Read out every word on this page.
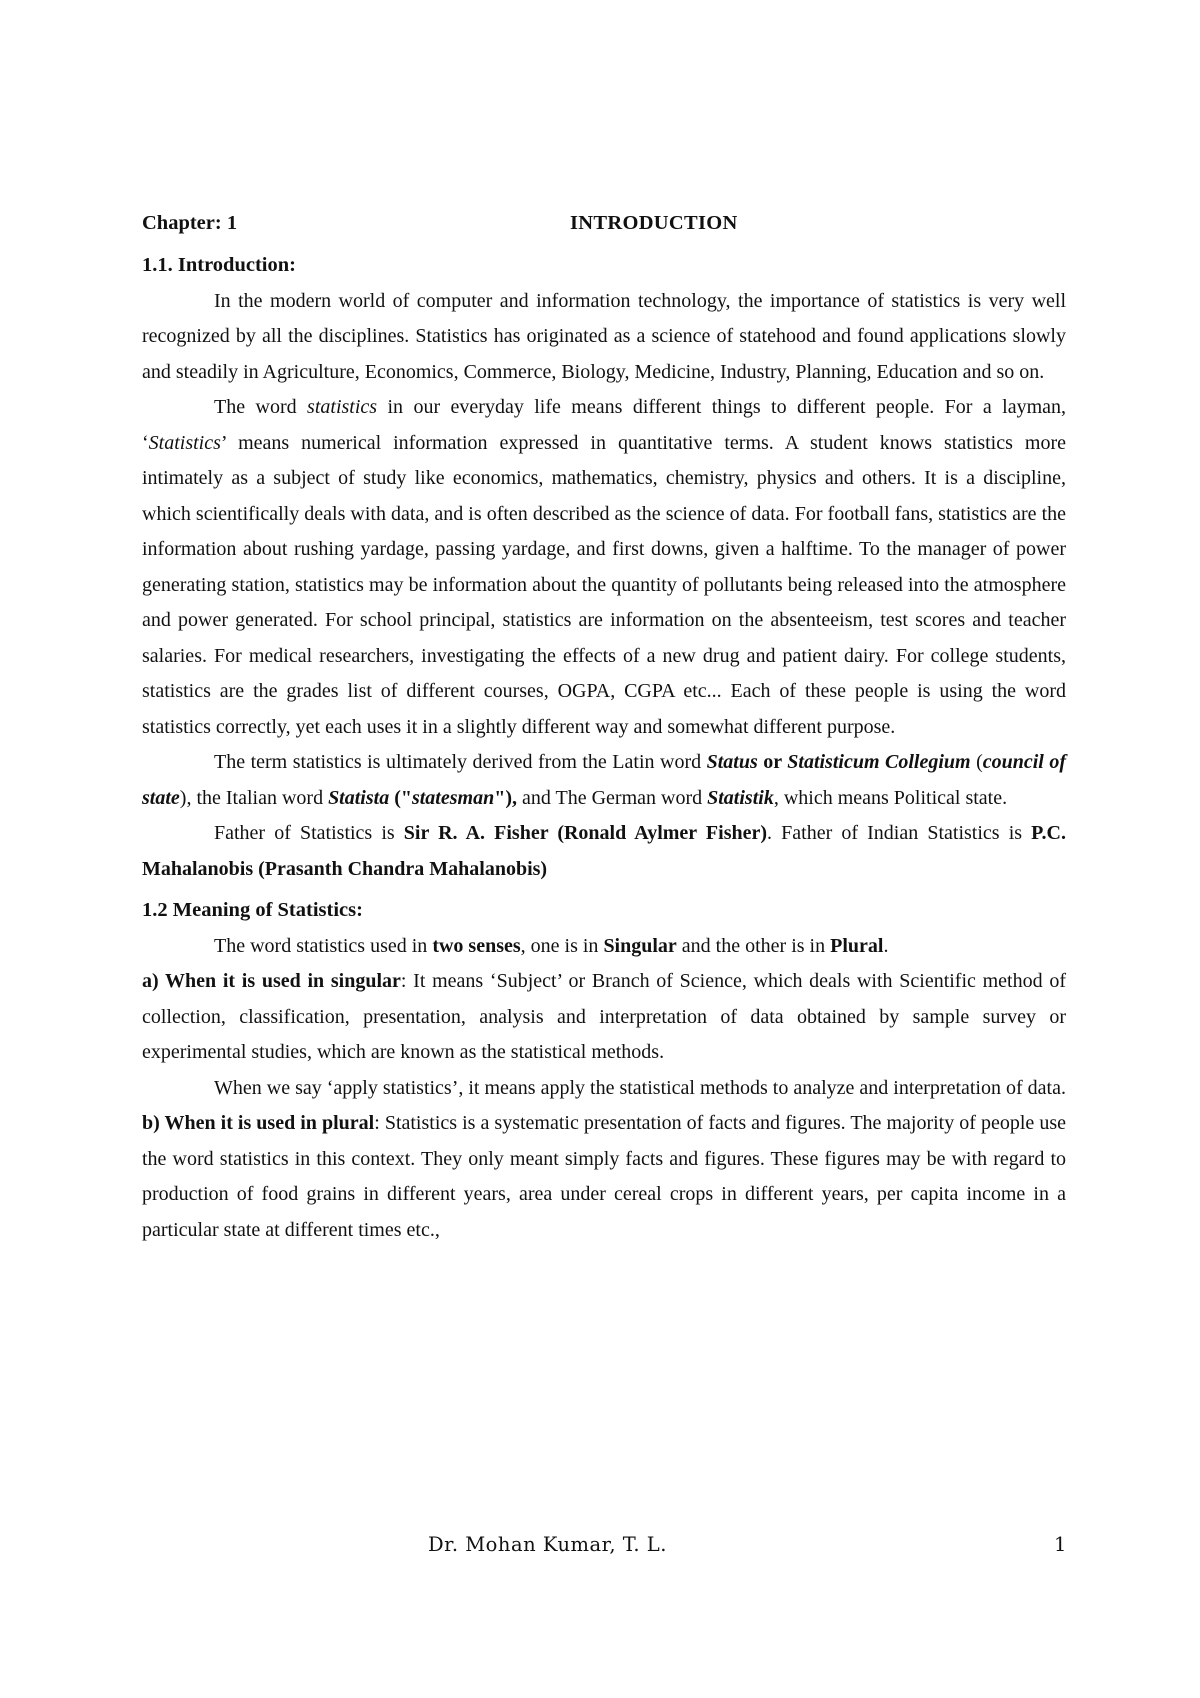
Chapter: 1	INTRODUCTION
1.1. Introduction:

In the modern world of computer and information technology, the importance of statistics is very well recognized by all the disciplines. Statistics has originated as a science of statehood and found applications slowly and steadily in Agriculture, Economics, Commerce, Biology, Medicine, Industry, Planning, Education and so on.

The word statistics in our everyday life means different things to different people. For a layman, ‘Statistics’ means numerical information expressed in quantitative terms. A student knows statistics more intimately as a subject of study like economics, mathematics, chemistry, physics and others. It is a discipline, which scientifically deals with data, and is often described as the science of data. For football fans, statistics are the information about rushing yardage, passing yardage, and first downs, given a halftime. To the manager of power generating station, statistics may be information about the quantity of pollutants being released into the atmosphere and power generated. For school principal, statistics are information on the absenteeism, test scores and teacher salaries. For medical researchers, investigating the effects of a new drug and patient dairy. For college students, statistics are the grades list of different courses, OGPA, CGPA etc... Each of these people is using the word statistics correctly, yet each uses it in a slightly different way and somewhat different purpose.

The term statistics is ultimately derived from the Latin word Status or Statisticum Collegium (council of state), the Italian word Statista ("statesman"), and The German word Statistik, which means Political state.

Father of Statistics is Sir R. A. Fisher (Ronald Aylmer Fisher). Father of Indian Statistics is P.C. Mahalanobis (Prasanth Chandra Mahalanobis)

1.2 Meaning of Statistics:

The word statistics used in two senses, one is in Singular and the other is in Plural.

a) When it is used in singular: It means ‘Subject’ or Branch of Science, which deals with Scientific method of collection, classification, presentation, analysis and interpretation of data obtained by sample survey or experimental studies, which are known as the statistical methods.

When we say ‘apply statistics’, it means apply the statistical methods to analyze and interpretation of data.

b) When it is used in plural: Statistics is a systematic presentation of facts and figures. The majority of people use the word statistics in this context. They only meant simply facts and figures. These figures may be with regard to production of food grains in different years, area under cereal crops in different years, per capita income in a particular state at different times etc.,

Dr. Mohan Kumar, T. L.	1
